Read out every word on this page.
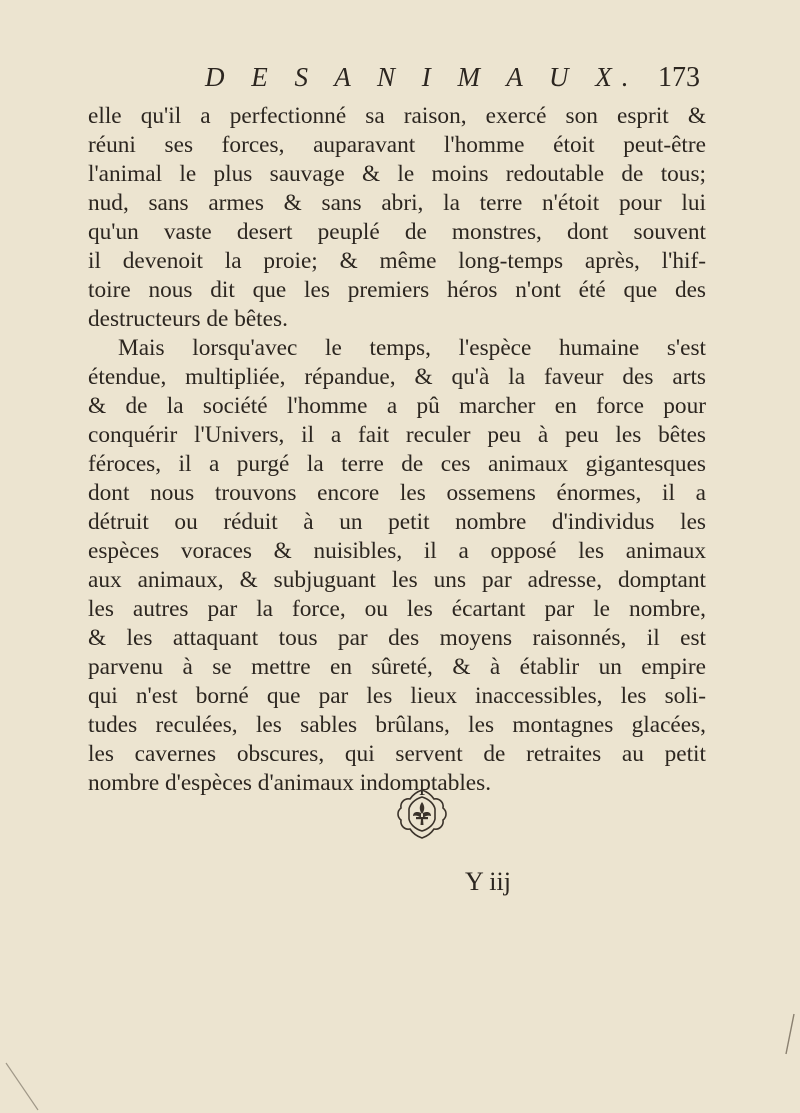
D E S A N I M A U X. 173
elle qu'il a perfectionné sa raison, exercé son esprit &
réuni ses forces, auparavant l'homme étoit peut-être
l'animal le plus sauvage & le moins redoutable de tous;
nud, sans armes & sans abri, la terre n'étoit pour lui
qu'un vaste desert peuplé de monstres, dont souvent
il devenoit la proie; & même long-temps après, l'hif-
toire nous dit que les premiers héros n'ont été que des
destructeurs de bêtes.
Mais lorsqu'avec le temps, l'espèce humaine s'est
étendue, multipliée, répandue, & qu'à la faveur des arts
& de la société l'homme a pû marcher en force pour
conquérir l'Univers, il a fait reculer peu à peu les bêtes
féroces, il a purgé la terre de ces animaux gigantesques
dont nous trouvons encore les ossemens énormes, il a
détruit ou réduit à un petit nombre d'individus les
espèces voraces & nuisibles, il a opposé les animaux
aux animaux, & subjuguant les uns par adresse, domptant
les autres par la force, ou les écartant par le nombre,
& les attaquant tous par des moyens raisonnés, il est
parvenu à se mettre en sûreté, & à établir un empire
qui n'est borné que par les lieux inaccessibles, les soli-
tudes reculées, les sables brûlans, les montagnes glacées,
les cavernes obscures, qui servent de retraites au petit
nombre d'espèces d'animaux indomptables.
Y iij
